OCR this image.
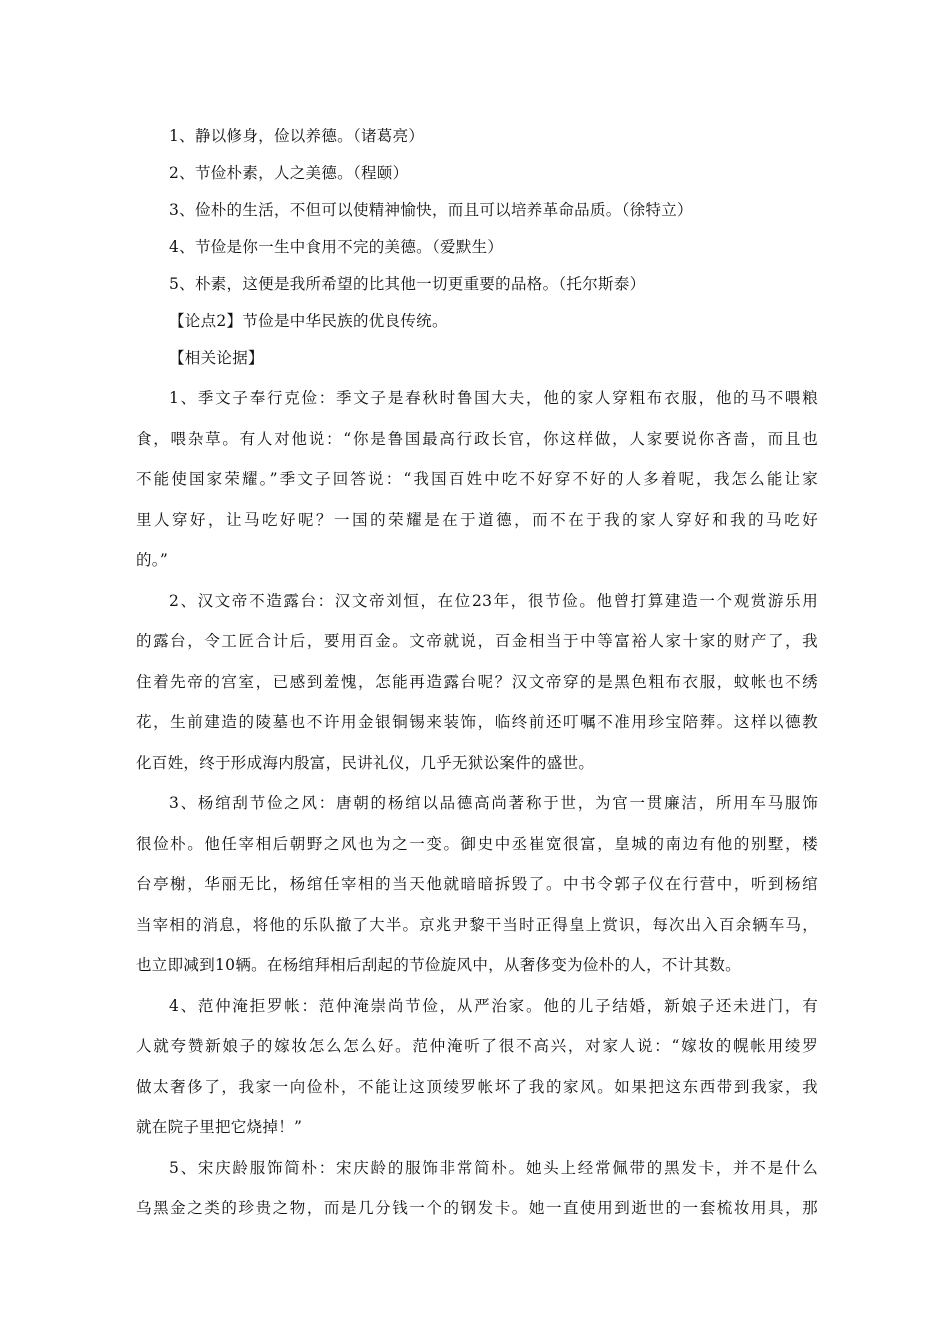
1、静以修身，俭以养德。（诸葛亮）
2、节俭朴素，人之美德。（程颐）
3、俭朴的生活，不但可以使精神愉快，而且可以培养革命品质。（徐特立）
4、节俭是你一生中食用不完的美德。（爱默生）
5、朴素，这便是我所希望的比其他一切更重要的品格。（托尔斯泰）
【论点2】节俭是中华民族的优良传统。
【相关论据】
1、季文子奉行克俭：季文子是春秋时鲁国大夫，他的家人穿粗布衣服，他的马不喂粮
食，喂杂草。有人对他说：“你是鲁国最高行政长官，你这样做，人家要说你吝啬，而且也
不能使国家荣耀。”季文子回答说：“我国百姓中吃不好穿不好的人多着呢，我怎么能让家
里人穿好，让马吃好呢？一国的荣耀是在于道德，而不在于我的家人穿好和我的马吃好
的。”
2、汉文帝不造露台：汉文帝刘恒，在位23年，很节俭。他曾打算建造一个观赏游乐用
的露台，令工匠合计后，要用百金。文帝就说，百金相当于中等富裕人家十家的财产了，我
住着先帝的宫室，已感到羞愧，怎能再造露台呢？汉文帝穿的是黑色粗布衣服，蚊帐也不绣
花，生前建造的陵墓也不许用金银铜锡来装饰，临终前还叮嘱不准用珍宝陪葬。这样以德教
化百姓，终于形成海内殷富，民讲礼仪，几乎无狱讼案件的盛世。
3、杨绾刮节俭之风：唐朝的杨绾以品德高尚著称于世，为官一贯廉洁，所用车马服饰
很俭朴。他任宰相后朝野之风也为之一变。御史中丞崔宽很富，皇城的南边有他的别墅，楼
台亭榭，华丽无比，杨绾任宰相的当天他就暗暗拆毁了。中书令郭子仪在行营中，听到杨绾
当宰相的消息，将他的乐队撤了大半。京兆尹黎干当时正得皇上赏识，每次出入百余辆车马，
也立即减到10辆。在杨绾拜相后刮起的节俭旋风中，从奢侈变为俭朴的人，不计其数。
4、范仲淹拒罗帐：范仲淹崇尚节俭，从严治家。他的儿子结婚，新娘子还未进门，有
人就夸赞新娘子的嫁妆怎么怎么好。范仲淹听了很不高兴，对家人说：“嫁妆的幌帐用绫罗
做太奢侈了，我家一向俭朴，不能让这顶绫罗帐坏了我的家风。如果把这东西带到我家，我
就在院子里把它烧掉！”
5、宋庆龄服饰简朴：宋庆龄的服饰非常简朴。她头上经常佩带的黑发卡，并不是什么
乌黑金之类的珍贵之物，而是几分钱一个的钢发卡。她一直使用到逝世的一套梳妆用具，那
